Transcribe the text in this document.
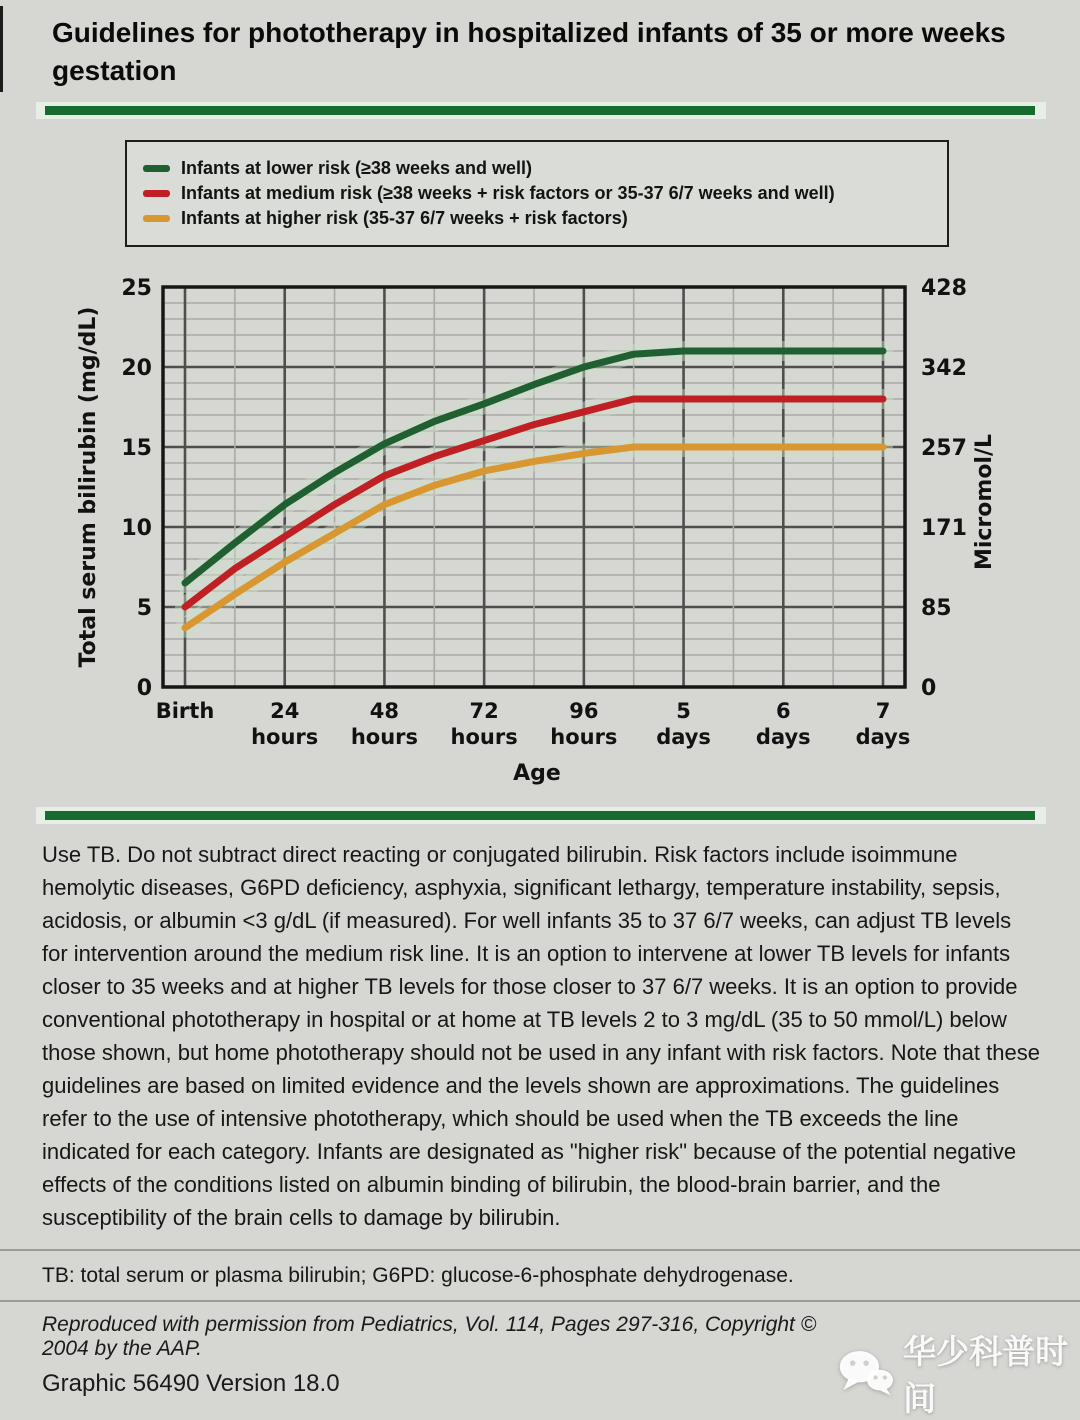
Guidelines for phototherapy in hospitalized infants of 35 or more weeks gestation
Infants at lower risk (≥38 weeks and well)
Infants at medium risk (≥38 weeks + risk factors or 35-37 6/7 weeks and well)
Infants at higher risk (35-37 6/7 weeks + risk factors)
0	0
5	85
10	171
15	257
20	342
25	428
Birth	24
hours
48
hours
72
hours
96
hours
5
days
6
days
7
days
Age
Total serum bilirubin (mg/dL)	Micromol/L
Use TB. Do not subtract direct reacting or conjugated bilirubin. Risk factors include isoimmune hemolytic diseases, G6PD deficiency, asphyxia, significant lethargy, temperature instability, sepsis, acidosis, or albumin <3 g/dL (if measured). For well infants 35 to 37 6/7 weeks, can adjust TB levels for intervention around the medium risk line. It is an option to intervene at lower TB levels for infants closer to 35 weeks and at higher TB levels for those closer to 37 6/7 weeks. It is an option to provide conventional phototherapy in hospital or at home at TB levels 2 to 3 mg/dL (35 to 50 mmol/L) below those shown, but home phototherapy should not be used in any infant with risk factors. Note that these guidelines are based on limited evidence and the levels shown are approximations. The guidelines refer to the use of intensive phototherapy, which should be used when the TB exceeds the line indicated for each category. Infants are designated as "higher risk" because of the potential negative effects of the conditions listed on albumin binding of bilirubin, the blood-brain barrier, and the susceptibility of the brain cells to damage by bilirubin.
TB: total serum or plasma bilirubin; G6PD: glucose-6-phosphate dehydrogenase.
Reproduced with permission from Pediatrics, Vol. 114, Pages 297-316, Copyright © 2004 by the AAP.
Graphic 56490 Version 18.0
华少科普时间
